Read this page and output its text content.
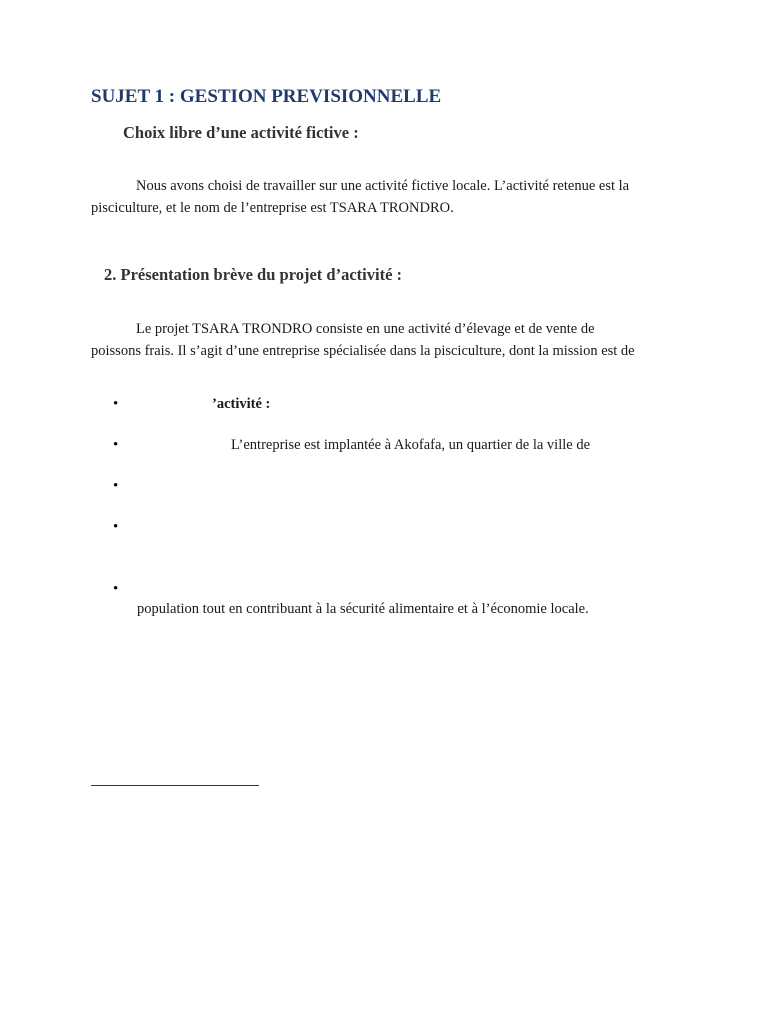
SUJET 1 : GESTION PREVISIONNELLE
Choix libre d’une activité fictive :
Nous avons choisi de travailler sur une activité fictive locale. L’activité retenue est la
pisciculture, et le nom de l’entreprise est TSARA TRONDRO.
2. Présentation brève du projet d’activité :
Le projet TSARA TRONDRO consiste en une activité d’élevage et de vente de
poissons frais. Il s’agit d’une entreprise spécialisée dans la pisciculture, dont la mission est de
•	’activité :
•	L’entreprise est implantée à Akofafa, un quartier de la ville de
•
•
•
population tout en contribuant à la sécurité alimentaire et à l’économie locale.
